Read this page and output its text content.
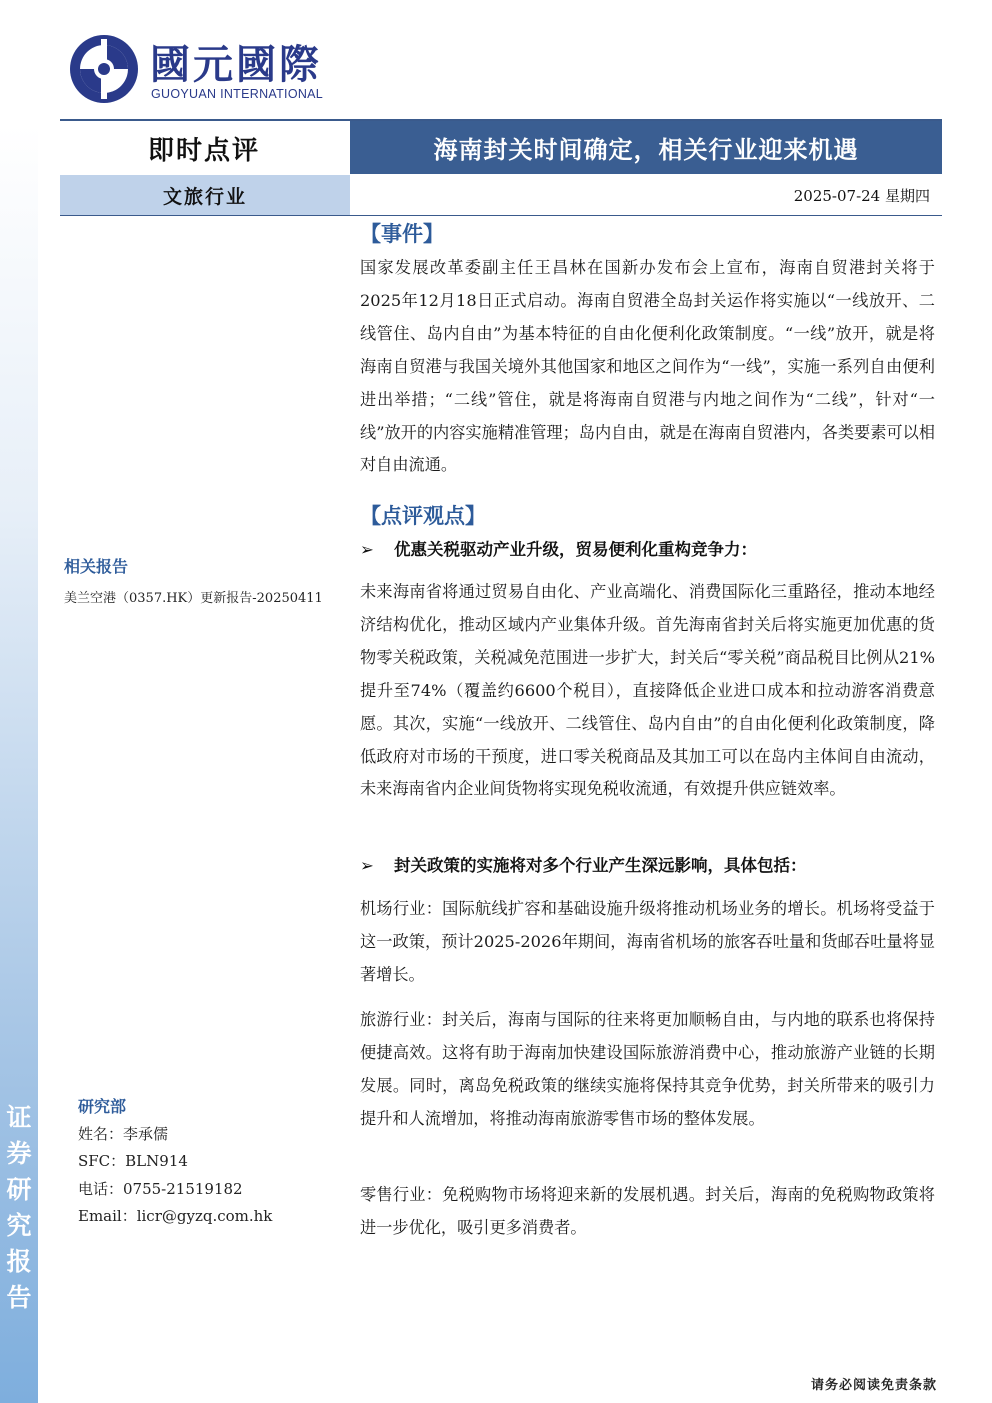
证
券
研
究
报
告
國元國際
GUOYUAN INTERNATIONAL
即时点评	海南封关时间确定，相关行业迎来机遇
文旅行业	2025-07-24 星期四
相关报告
美兰空港（0357.HK）更新报告-20250411
研究部
姓名：李承儒
SFC：BLN914
电话：0755-21519182
Email：licr@gyzq.com.hk
【事件】
国家发展改革委副主任王昌林在国新办发布会上宣布，海南自贸港封关将于2025年12月18日正式启动。海南自贸港全岛封关运作将实施以“一线放开、二线管住、岛内自由”为基本特征的自由化便利化政策制度。“一线”放开，就是将海南自贸港与我国关境外其他国家和地区之间作为“一线”，实施一系列自由便利进出举措；“二线”管住，就是将海南自贸港与内地之间作为“二线”，针对“一线”放开的内容实施精准管理；岛内自由，就是在海南自贸港内，各类要素可以相对自由流通。
【点评观点】
➢ 优惠关税驱动产业升级，贸易便利化重构竞争力：
未来海南省将通过贸易自由化、产业高端化、消费国际化三重路径，推动本地经济结构优化，推动区域内产业集体升级。首先海南省封关后将实施更加优惠的货物零关税政策，关税减免范围进一步扩大，封关后“零关税”商品税目比例从21%提升至74%（覆盖约6600个税目），直接降低企业进口成本和拉动游客消费意愿。其次，实施“一线放开、二线管住、岛内自由”的自由化便利化政策制度，降低政府对市场的干预度，进口零关税商品及其加工可以在岛内主体间自由流动，未来海南省内企业间货物将实现免税收流通，有效提升供应链效率。
➢ 封关政策的实施将对多个行业产生深远影响，具体包括：
机场行业：国际航线扩容和基础设施升级将推动机场业务的增长。机场将受益于这一政策，预计2025-2026年期间，海南省机场的旅客吞吐量和货邮吞吐量将显著增长。
旅游行业：封关后，海南与国际的往来将更加顺畅自由，与内地的联系也将保持便捷高效。这将有助于海南加快建设国际旅游消费中心，推动旅游产业链的长期发展。同时，离岛免税政策的继续实施将保持其竞争优势，封关所带来的吸引力提升和人流增加，将推动海南旅游零售市场的整体发展。
零售行业：免税购物市场将迎来新的发展机遇。封关后，海南的免税购物政策将进一步优化，吸引更多消费者。
请务必阅读免责条款
